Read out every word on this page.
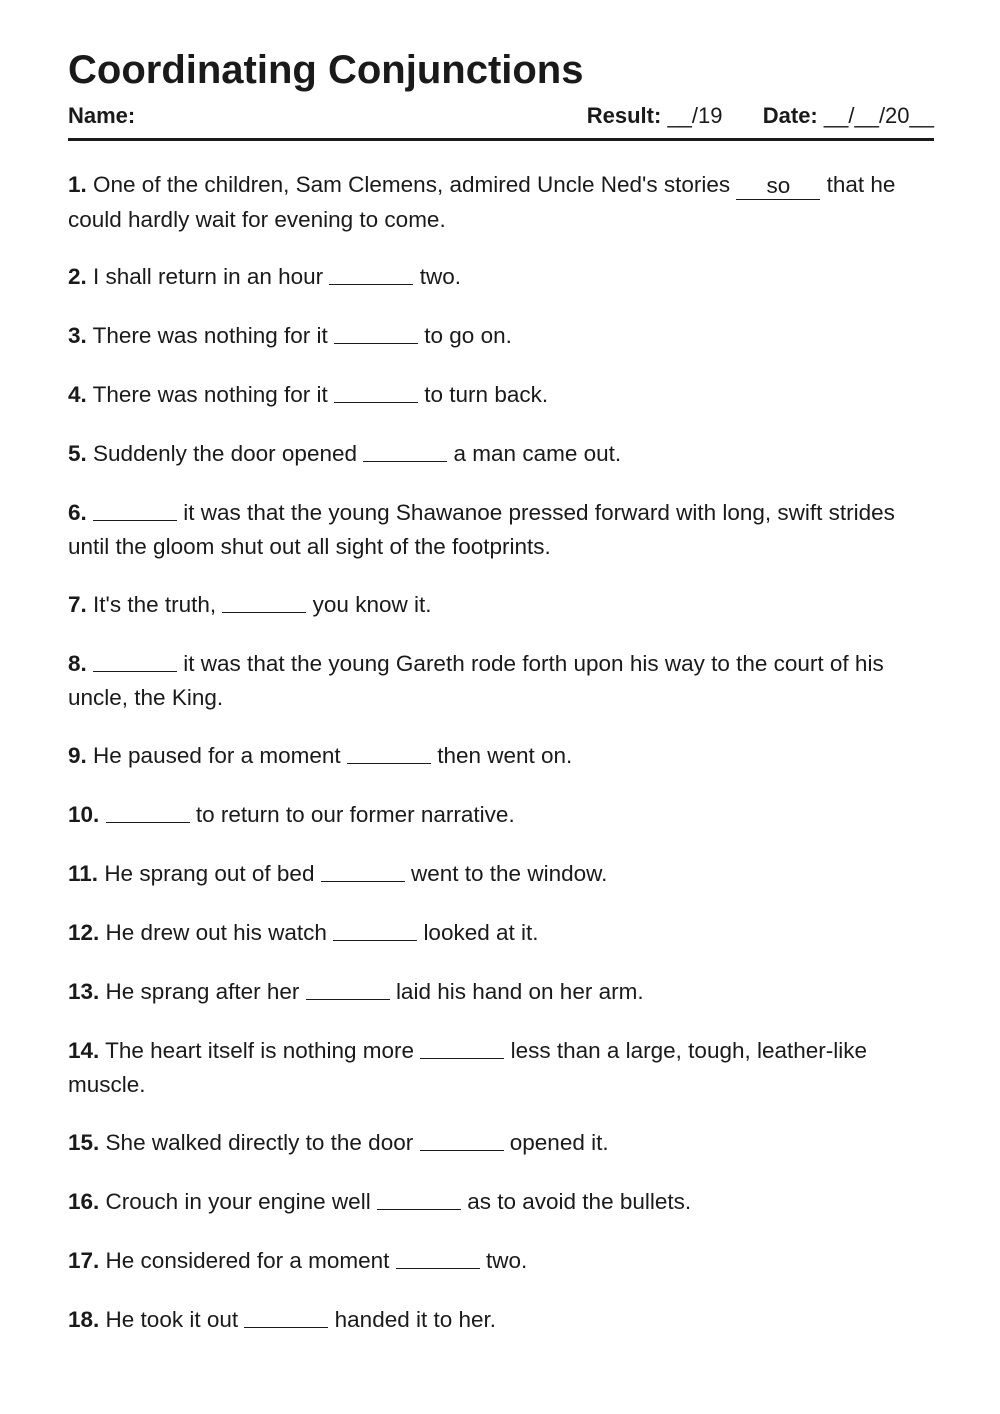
Coordinating Conjunctions
Name:	Result: __/19 Date: __/__/20__

1. One of the children, Sam Clemens, admired Uncle Ned's stories so that he could hardly wait for evening to come.

2. I shall return in an hour	two.

3. There was nothing for it	to go on.

4. There was nothing for it	to turn back.

5. Suddenly the door opened	a man came out.

6.	it was that the young Shawanoe pressed forward with long, swift strides until the gloom shut out all sight of the footprints.

7. It's the truth,	you know it.

8.	it was that the young Gareth rode forth upon his way to the court of his uncle, the King.

9. He paused for a moment	then went on.

10.	to return to our former narrative.

11. He sprang out of bed	went to the window.

12. He drew out his watch	looked at it.

13. He sprang after her	laid his hand on her arm.

14. The heart itself is nothing more	less than a large, tough, leather-like muscle.

15. She walked directly to the door	opened it.

16. Crouch in your engine well	as to avoid the bullets.

17. He considered for a moment	two.

18. He took it out	handed it to her.
